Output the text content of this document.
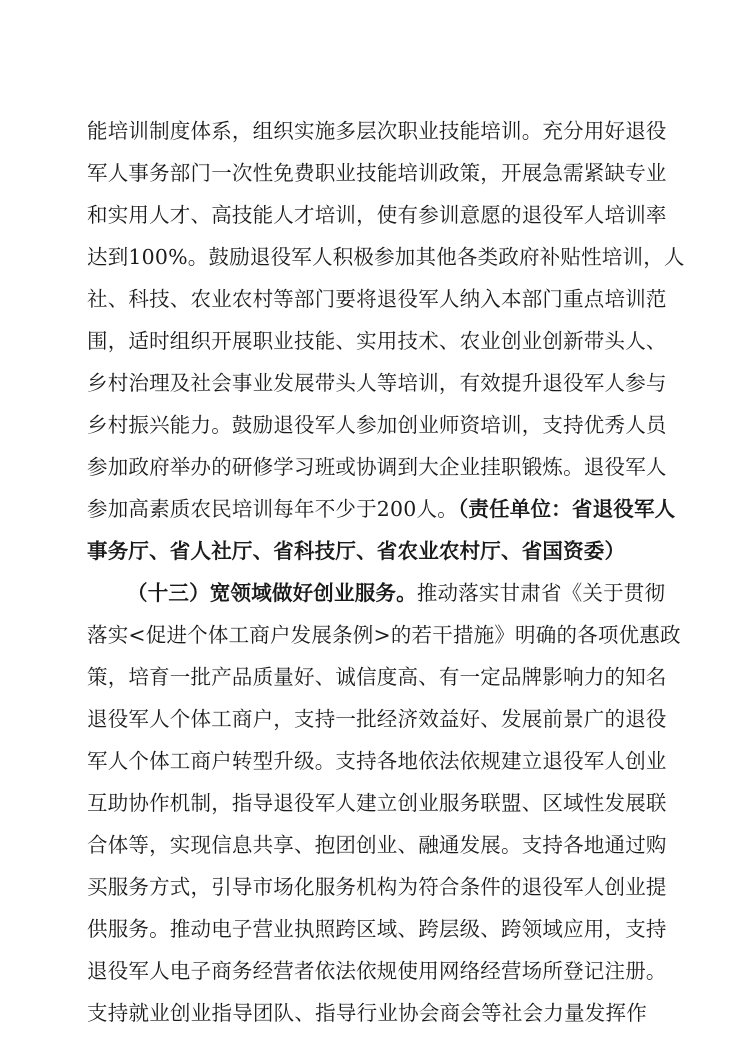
能培训制度体系，组织实施多层次职业技能培训。充分用好退役
军人事务部门一次性免费职业技能培训政策，开展急需紧缺专业
和实用人才、高技能人才培训，使有参训意愿的退役军人培训率
达到100%。鼓励退役军人积极参加其他各类政府补贴性培训，人
社、科技、农业农村等部门要将退役军人纳入本部门重点培训范
围，适时组织开展职业技能、实用技术、农业创业创新带头人、
乡村治理及社会事业发展带头人等培训，有效提升退役军人参与
乡村振兴能力。鼓励退役军人参加创业师资培训，支持优秀人员
参加政府举办的研修学习班或协调到大企业挂职锻炼。退役军人
参加高素质农民培训每年不少于200人。（责任单位：省退役军人
事务厅、省人社厅、省科技厅、省农业农村厅、省国资委）
（十三）宽领域做好创业服务。推动落实甘肃省《关于贯彻
落实<促进个体工商户发展条例>的若干措施》明确的各项优惠政
策，培育一批产品质量好、诚信度高、有一定品牌影响力的知名
退役军人个体工商户，支持一批经济效益好、发展前景广的退役
军人个体工商户转型升级。支持各地依法依规建立退役军人创业
互助协作机制，指导退役军人建立创业服务联盟、区域性发展联
合体等，实现信息共享、抱团创业、融通发展。支持各地通过购
买服务方式，引导市场化服务机构为符合条件的退役军人创业提
供服务。推动电子营业执照跨区域、跨层级、跨领域应用，支持
退役军人电子商务经营者依法依规使用网络经营场所登记注册。
支持就业创业指导团队、指导行业协会商会等社会力量发挥作
